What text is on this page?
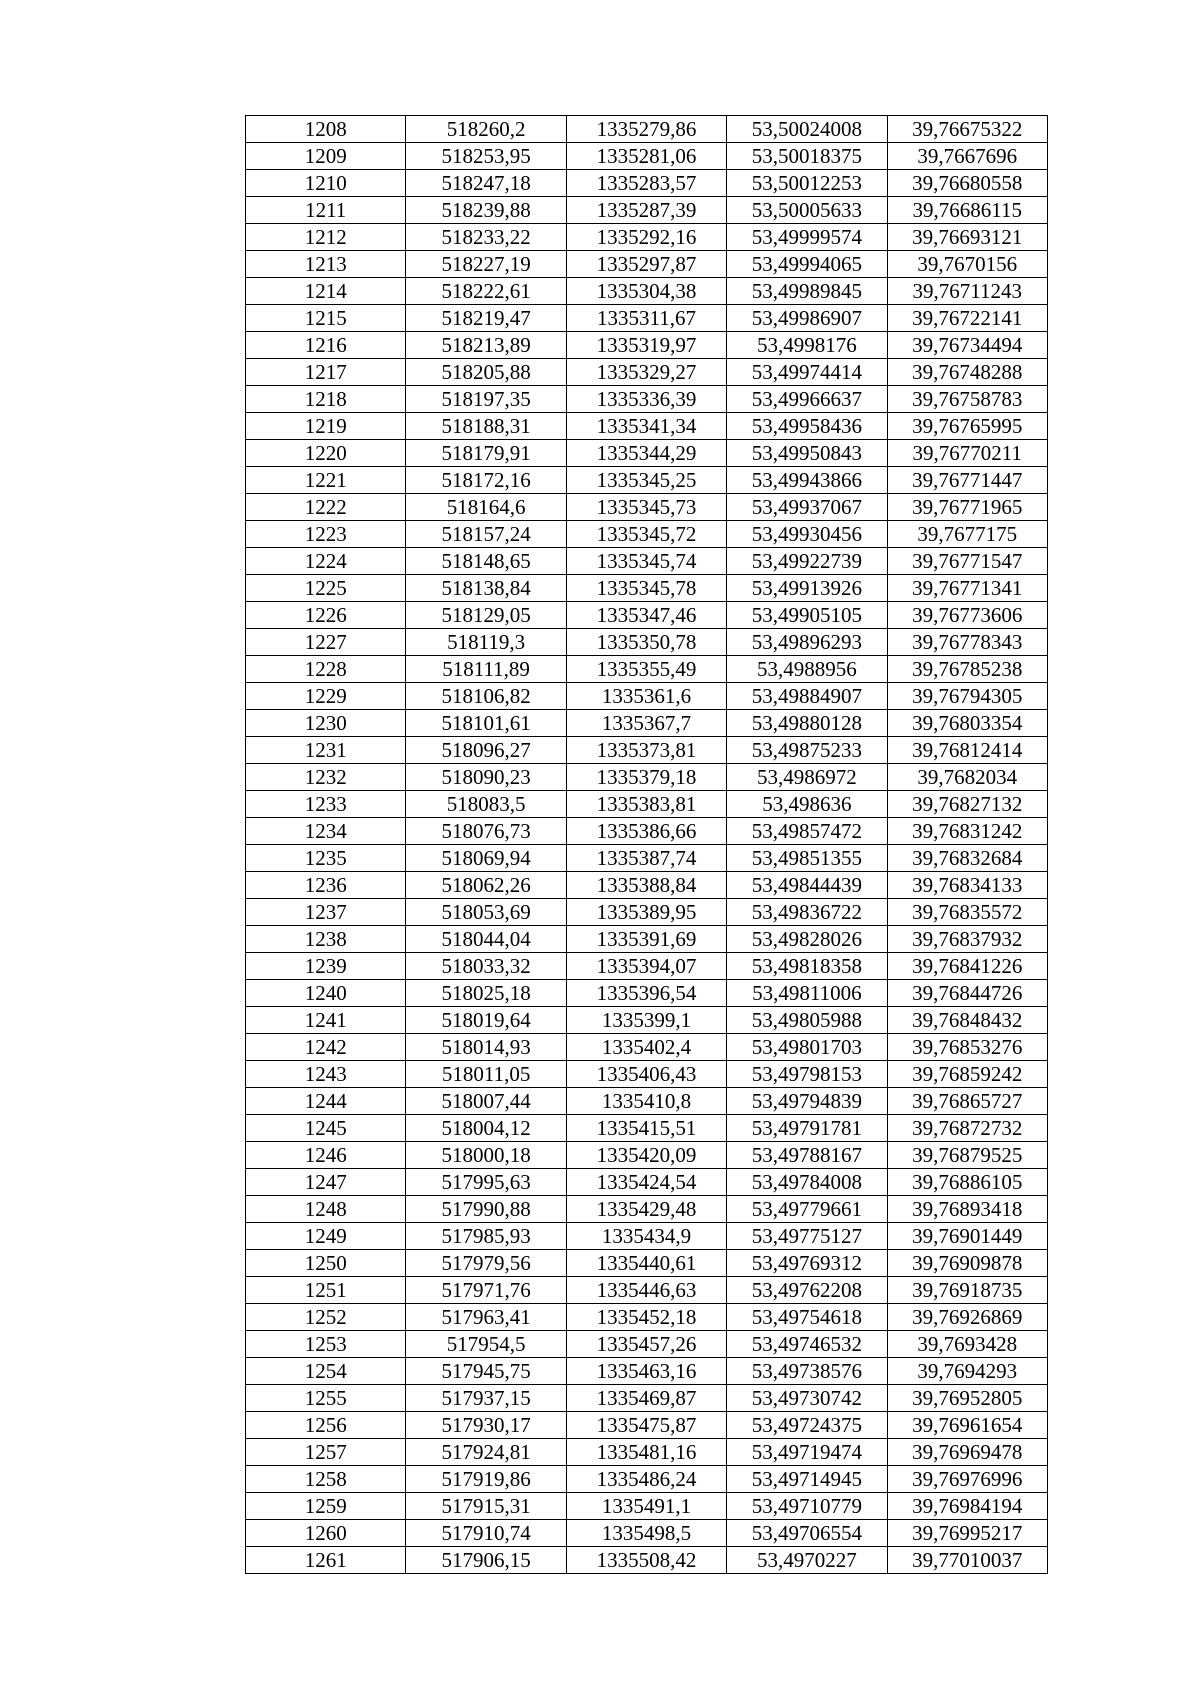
1208	518260,2	1335279,86	53,50024008	39,76675322
1209	518253,95	1335281,06	53,50018375	39,7667696
1210	518247,18	1335283,57	53,50012253	39,76680558
1211	518239,88	1335287,39	53,50005633	39,76686115
1212	518233,22	1335292,16	53,49999574	39,76693121
1213	518227,19	1335297,87	53,49994065	39,7670156
1214	518222,61	1335304,38	53,49989845	39,76711243
1215	518219,47	1335311,67	53,49986907	39,76722141
1216	518213,89	1335319,97	53,4998176	39,76734494
1217	518205,88	1335329,27	53,49974414	39,76748288
1218	518197,35	1335336,39	53,49966637	39,76758783
1219	518188,31	1335341,34	53,49958436	39,76765995
1220	518179,91	1335344,29	53,49950843	39,76770211
1221	518172,16	1335345,25	53,49943866	39,76771447
1222	518164,6	1335345,73	53,49937067	39,76771965
1223	518157,24	1335345,72	53,49930456	39,7677175
1224	518148,65	1335345,74	53,49922739	39,76771547
1225	518138,84	1335345,78	53,49913926	39,76771341
1226	518129,05	1335347,46	53,49905105	39,76773606
1227	518119,3	1335350,78	53,49896293	39,76778343
1228	518111,89	1335355,49	53,4988956	39,76785238
1229	518106,82	1335361,6	53,49884907	39,76794305
1230	518101,61	1335367,7	53,49880128	39,76803354
1231	518096,27	1335373,81	53,49875233	39,76812414
1232	518090,23	1335379,18	53,4986972	39,7682034
1233	518083,5	1335383,81	53,498636	39,76827132
1234	518076,73	1335386,66	53,49857472	39,76831242
1235	518069,94	1335387,74	53,49851355	39,76832684
1236	518062,26	1335388,84	53,49844439	39,76834133
1237	518053,69	1335389,95	53,49836722	39,76835572
1238	518044,04	1335391,69	53,49828026	39,76837932
1239	518033,32	1335394,07	53,49818358	39,76841226
1240	518025,18	1335396,54	53,49811006	39,76844726
1241	518019,64	1335399,1	53,49805988	39,76848432
1242	518014,93	1335402,4	53,49801703	39,76853276
1243	518011,05	1335406,43	53,49798153	39,76859242
1244	518007,44	1335410,8	53,49794839	39,76865727
1245	518004,12	1335415,51	53,49791781	39,76872732
1246	518000,18	1335420,09	53,49788167	39,76879525
1247	517995,63	1335424,54	53,49784008	39,76886105
1248	517990,88	1335429,48	53,49779661	39,76893418
1249	517985,93	1335434,9	53,49775127	39,76901449
1250	517979,56	1335440,61	53,49769312	39,76909878
1251	517971,76	1335446,63	53,49762208	39,76918735
1252	517963,41	1335452,18	53,49754618	39,76926869
1253	517954,5	1335457,26	53,49746532	39,7693428
1254	517945,75	1335463,16	53,49738576	39,7694293
1255	517937,15	1335469,87	53,49730742	39,76952805
1256	517930,17	1335475,87	53,49724375	39,76961654
1257	517924,81	1335481,16	53,49719474	39,76969478
1258	517919,86	1335486,24	53,49714945	39,76976996
1259	517915,31	1335491,1	53,49710779	39,76984194
1260	517910,74	1335498,5	53,49706554	39,76995217
1261	517906,15	1335508,42	53,4970227	39,77010037
